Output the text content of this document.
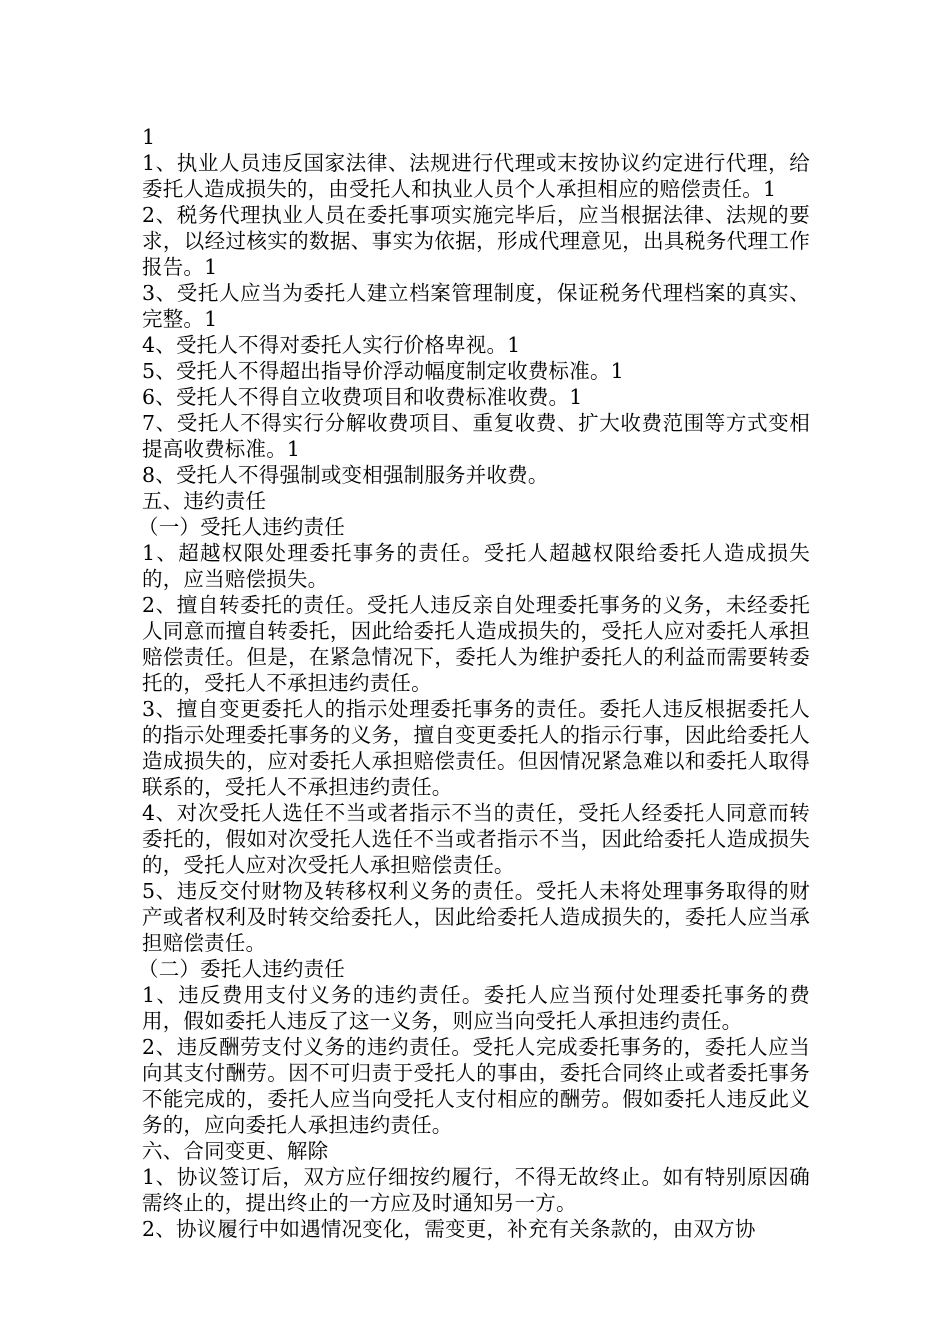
1

1、执业人员违反国家法律、法规进行代理或末按协议约定进行代理，给委托人造成损失的，由受托人和执业人员个人承担相应的赔偿责任。1

2、税务代理执业人员在委托事项实施完毕后，应当根据法律、法规的要求，以经过核实的数据、事实为依据，形成代理意见，出具税务代理工作报告。1

3、受托人应当为委托人建立档案管理制度，保证税务代理档案的真实、完整。1

4、受托人不得对委托人实行价格卑视。1

5、受托人不得超出指导价浮动幅度制定收费标准。1

6、受托人不得自立收费项目和收费标准收费。1

7、受托人不得实行分解收费项目、重复收费、扩大收费范围等方式变相提高收费标准。1

8、受托人不得强制或变相强制服务并收费。

五、违约责任

（一）受托人违约责任

1、超越权限处理委托事务的责任。受托人超越权限给委托人造成损失的，应当赔偿损失。

2、擅自转委托的责任。受托人违反亲自处理委托事务的义务，未经委托人同意而擅自转委托，因此给委托人造成损失的，受托人应对委托人承担赔偿责任。但是，在紧急情况下，委托人为维护委托人的利益而需要转委托的，受托人不承担违约责任。

3、擅自变更委托人的指示处理委托事务的责任。委托人违反根据委托人的指示处理委托事务的义务，擅自变更委托人的指示行事，因此给委托人造成损失的，应对委托人承担赔偿责任。但因情况紧急难以和委托人取得联系的，受托人不承担违约责任。

4、对次受托人选任不当或者指示不当的责任，受托人经委托人同意而转委托的，假如对次受托人选任不当或者指示不当，因此给委托人造成损失的，受托人应对次受托人承担赔偿责任。

5、违反交付财物及转移权利义务的责任。受托人未将处理事务取得的财产或者权利及时转交给委托人，因此给委托人造成损失的，委托人应当承担赔偿责任。

（二）委托人违约责任

1、违反费用支付义务的违约责任。委托人应当预付处理委托事务的费用，假如委托人违反了这一义务，则应当向受托人承担违约责任。

2、违反酬劳支付义务的违约责任。受托人完成委托事务的，委托人应当向其支付酬劳。因不可归责于受托人的事由，委托合同终止或者委托事务不能完成的，委托人应当向受托人支付相应的酬劳。假如委托人违反此义务的，应向委托人承担违约责任。

六、合同变更、解除

1、协议签订后，双方应仔细按约履行，不得无故终止。如有特别原因确需终止的，提出终止的一方应及时通知另一方。

2、协议履行中如遇情况变化，需变更，补充有关条款的，由双方协
